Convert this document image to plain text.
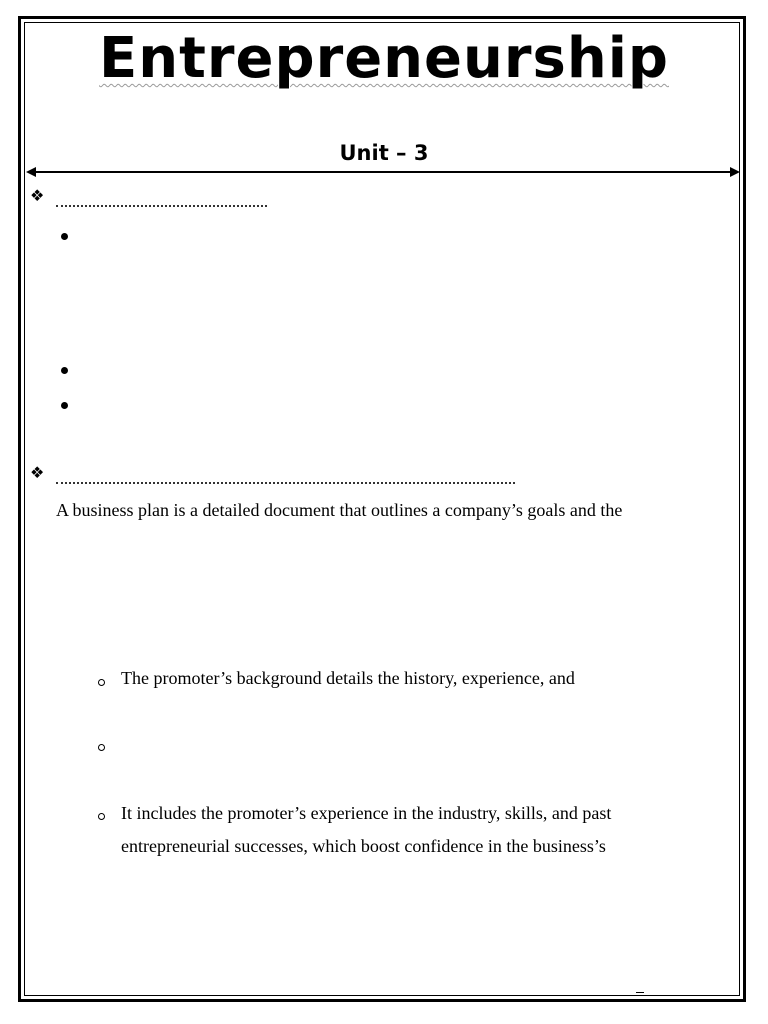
Entrepreneurship
Unit – 3
❖
❖
A business plan is a detailed document that outlines a company’s goals and the
The promoter’s background details the history, experience, and
It includes the promoter’s experience in the industry, skills, and past
entrepreneurial successes, which boost confidence in the business’s
